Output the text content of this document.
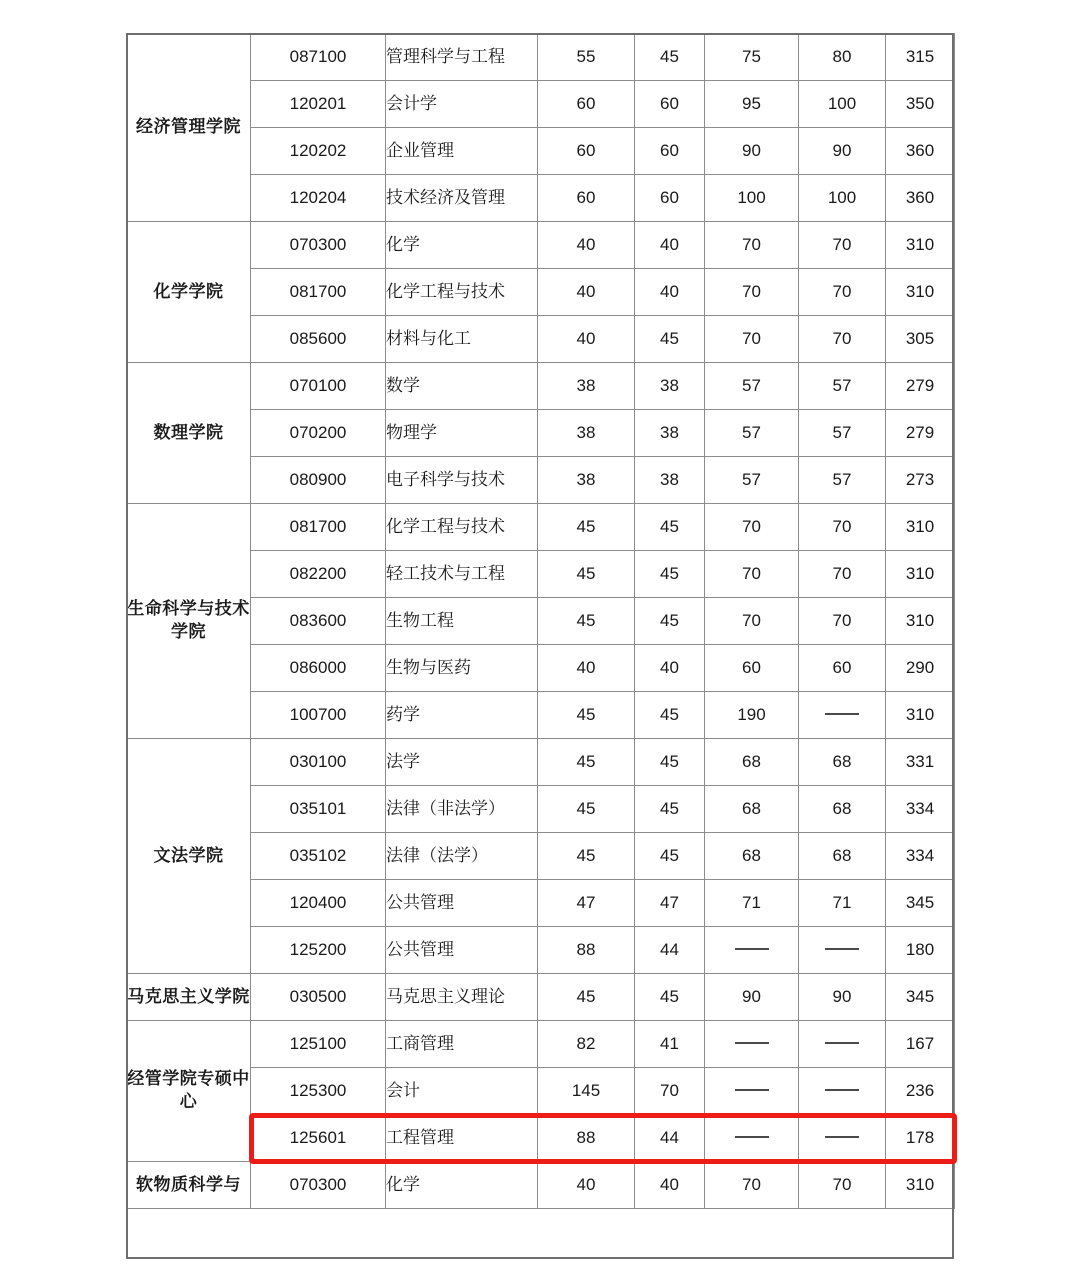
经济管理学院	087100	管理科学与工程	55	45	75	80	315
	120201	会计学	60	60	95	100	350
	120202	企业管理	60	60	90	90	360
	120204	技术经济及管理	60	60	100	100	360
化学学院	070300	化学	40	40	70	70	310
	081700	化学工程与技术	40	40	70	70	310
	085600	材料与化工	40	45	70	70	305
数理学院	070100	数学	38	38	57	57	279
	070200	物理学	38	38	57	57	279
	080900	电子科学与技术	38	38	57	57	273
生命科学与技术学院	081700	化学工程与技术	45	45	70	70	310
	082200	轻工技术与工程	45	45	70	70	310
	083600	生物工程	45	45	70	70	310
	086000	生物与医药	40	40	60	60	290
	100700	药学	45	45	190		310
文法学院	030100	法学	45	45	68	68	331
	035101	法律（非法学）	45	45	68	68	334
	035102	法律（法学）	45	45	68	68	334
	120400	公共管理	47	47	71	71	345
	125200	公共管理	88	44			180
马克思主义学院	030500	马克思主义理论	45	45	90	90	345
经管学院专硕中心	125100	工商管理	82	41			167
	125300	会计	145	70			236
	125601	工程管理	88	44			178
软物质科学与	070300	化学	40	40	70	70	310
